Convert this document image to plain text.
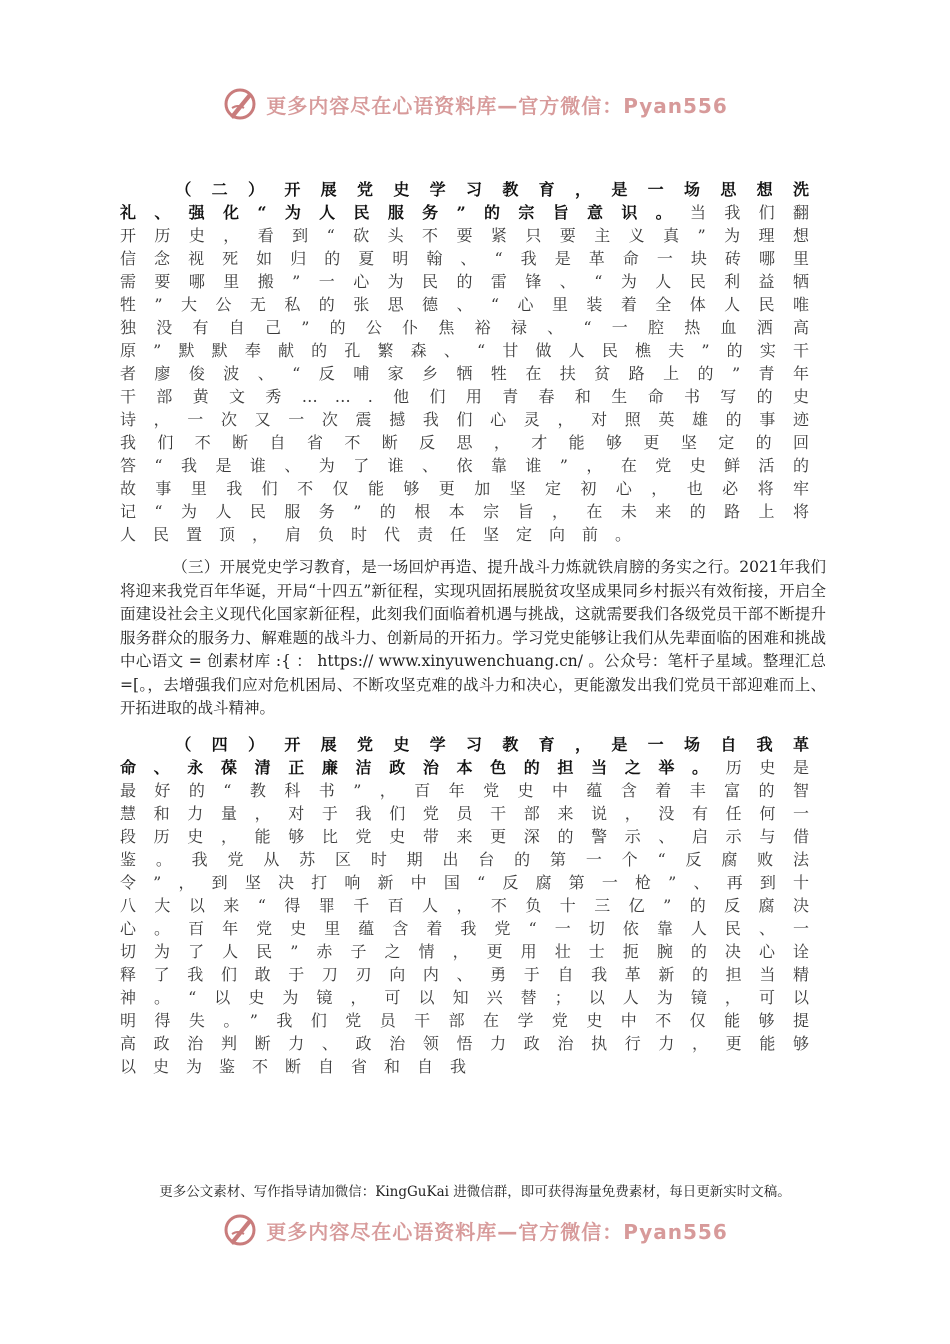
更多内容尽在心语资料库—官方微信：Pyan556

（二）开展党史学习教育，是一场思想洗礼、强化“为人民服务”的宗旨意识。当我们翻开历史，看到“砍头不要紧只要主义真”为理想信念视死如归的夏明翰、“我是革命一块砖哪里需要哪里搬”一心为民的雷锋、“为人民利益牺牲”大公无私的张思德、“心里装着全体人民唯独没有自己”的公仆焦裕禄、“一腔热血洒高原”默默奉献的孔繁森、“甘做人民樵夫”的实干者廖俊波、“反哺家乡牺牲在扶贫路上的”青年干部黄文秀…….他们用青春和生命书写的史诗，一次又一次震撼我们心灵，对照英雄的事迹我们不断自省不断反思，才能够更坚定的回答“我是谁、为了谁、依靠谁”，在党史鲜活的故事里我们不仅能够更加坚定初心，也必将牢记“为人民服务”的根本宗旨，在未来的路上将人民置顶，肩负时代责任坚定向前。

（三）开展党史学习教育，是一场回炉再造、提升战斗力炼就铁肩膀的务实之行。2021年我们将迎来我党百年华诞，开局“十四五”新征程，实现巩固拓展脱贫攻坚成果同乡村振兴有效衔接，开启全面建设社会主义现代化国家新征程，此刻我们面临着机遇与挑战，这就需要我们各级党员干部不断提升服务群众的服务力、解难题的战斗力、创新局的开拓力。学习党史能够让我们从先辈面临的困难和挑战中心语文 = 创素材库 :{ ： https:// www.xinyuwenchuang.cn/ 。公众号：笔杆子星域。整理汇总=[。，去增强我们应对危机困局、不断攻坚克难的战斗力和决心，更能激发出我们党员干部迎难而上、开拓进取的战斗精神。

（四）开展党史学习教育，是一场自我革命、永葆清正廉洁政治本色的担当之举。历史是最好的“教科书”，百年党史中蕴含着丰富的智慧和力量，对于我们党员干部来说，没有任何一段历史，能够比党史带来更深的警示、启示与借鉴。我党从苏区时期出台的第一个“反腐败法令”，到坚决打响新中国“反腐第一枪”、再到十八大以来“得罪千百人，不负十三亿”的反腐决心。百年党史里蕴含着我党“一切依靠人民、一切为了人民”赤子之情，更用壮士扼腕的决心诠释了我们敢于刀刃向内、勇于自我革新的担当精神。“以史为镜，可以知兴替；以人为镜，可以明得失。”我们党员干部在学党史中不仅能够提高政治判断力、政治领悟力政治执行力，更能够以史为鉴不断自省和自我

更多公文素材、写作指导请加微信：KingGuKai 进微信群，即可获得海量免费素材，每日更新实时文稿。
更多内容尽在心语资料库—官方微信：Pyan556
